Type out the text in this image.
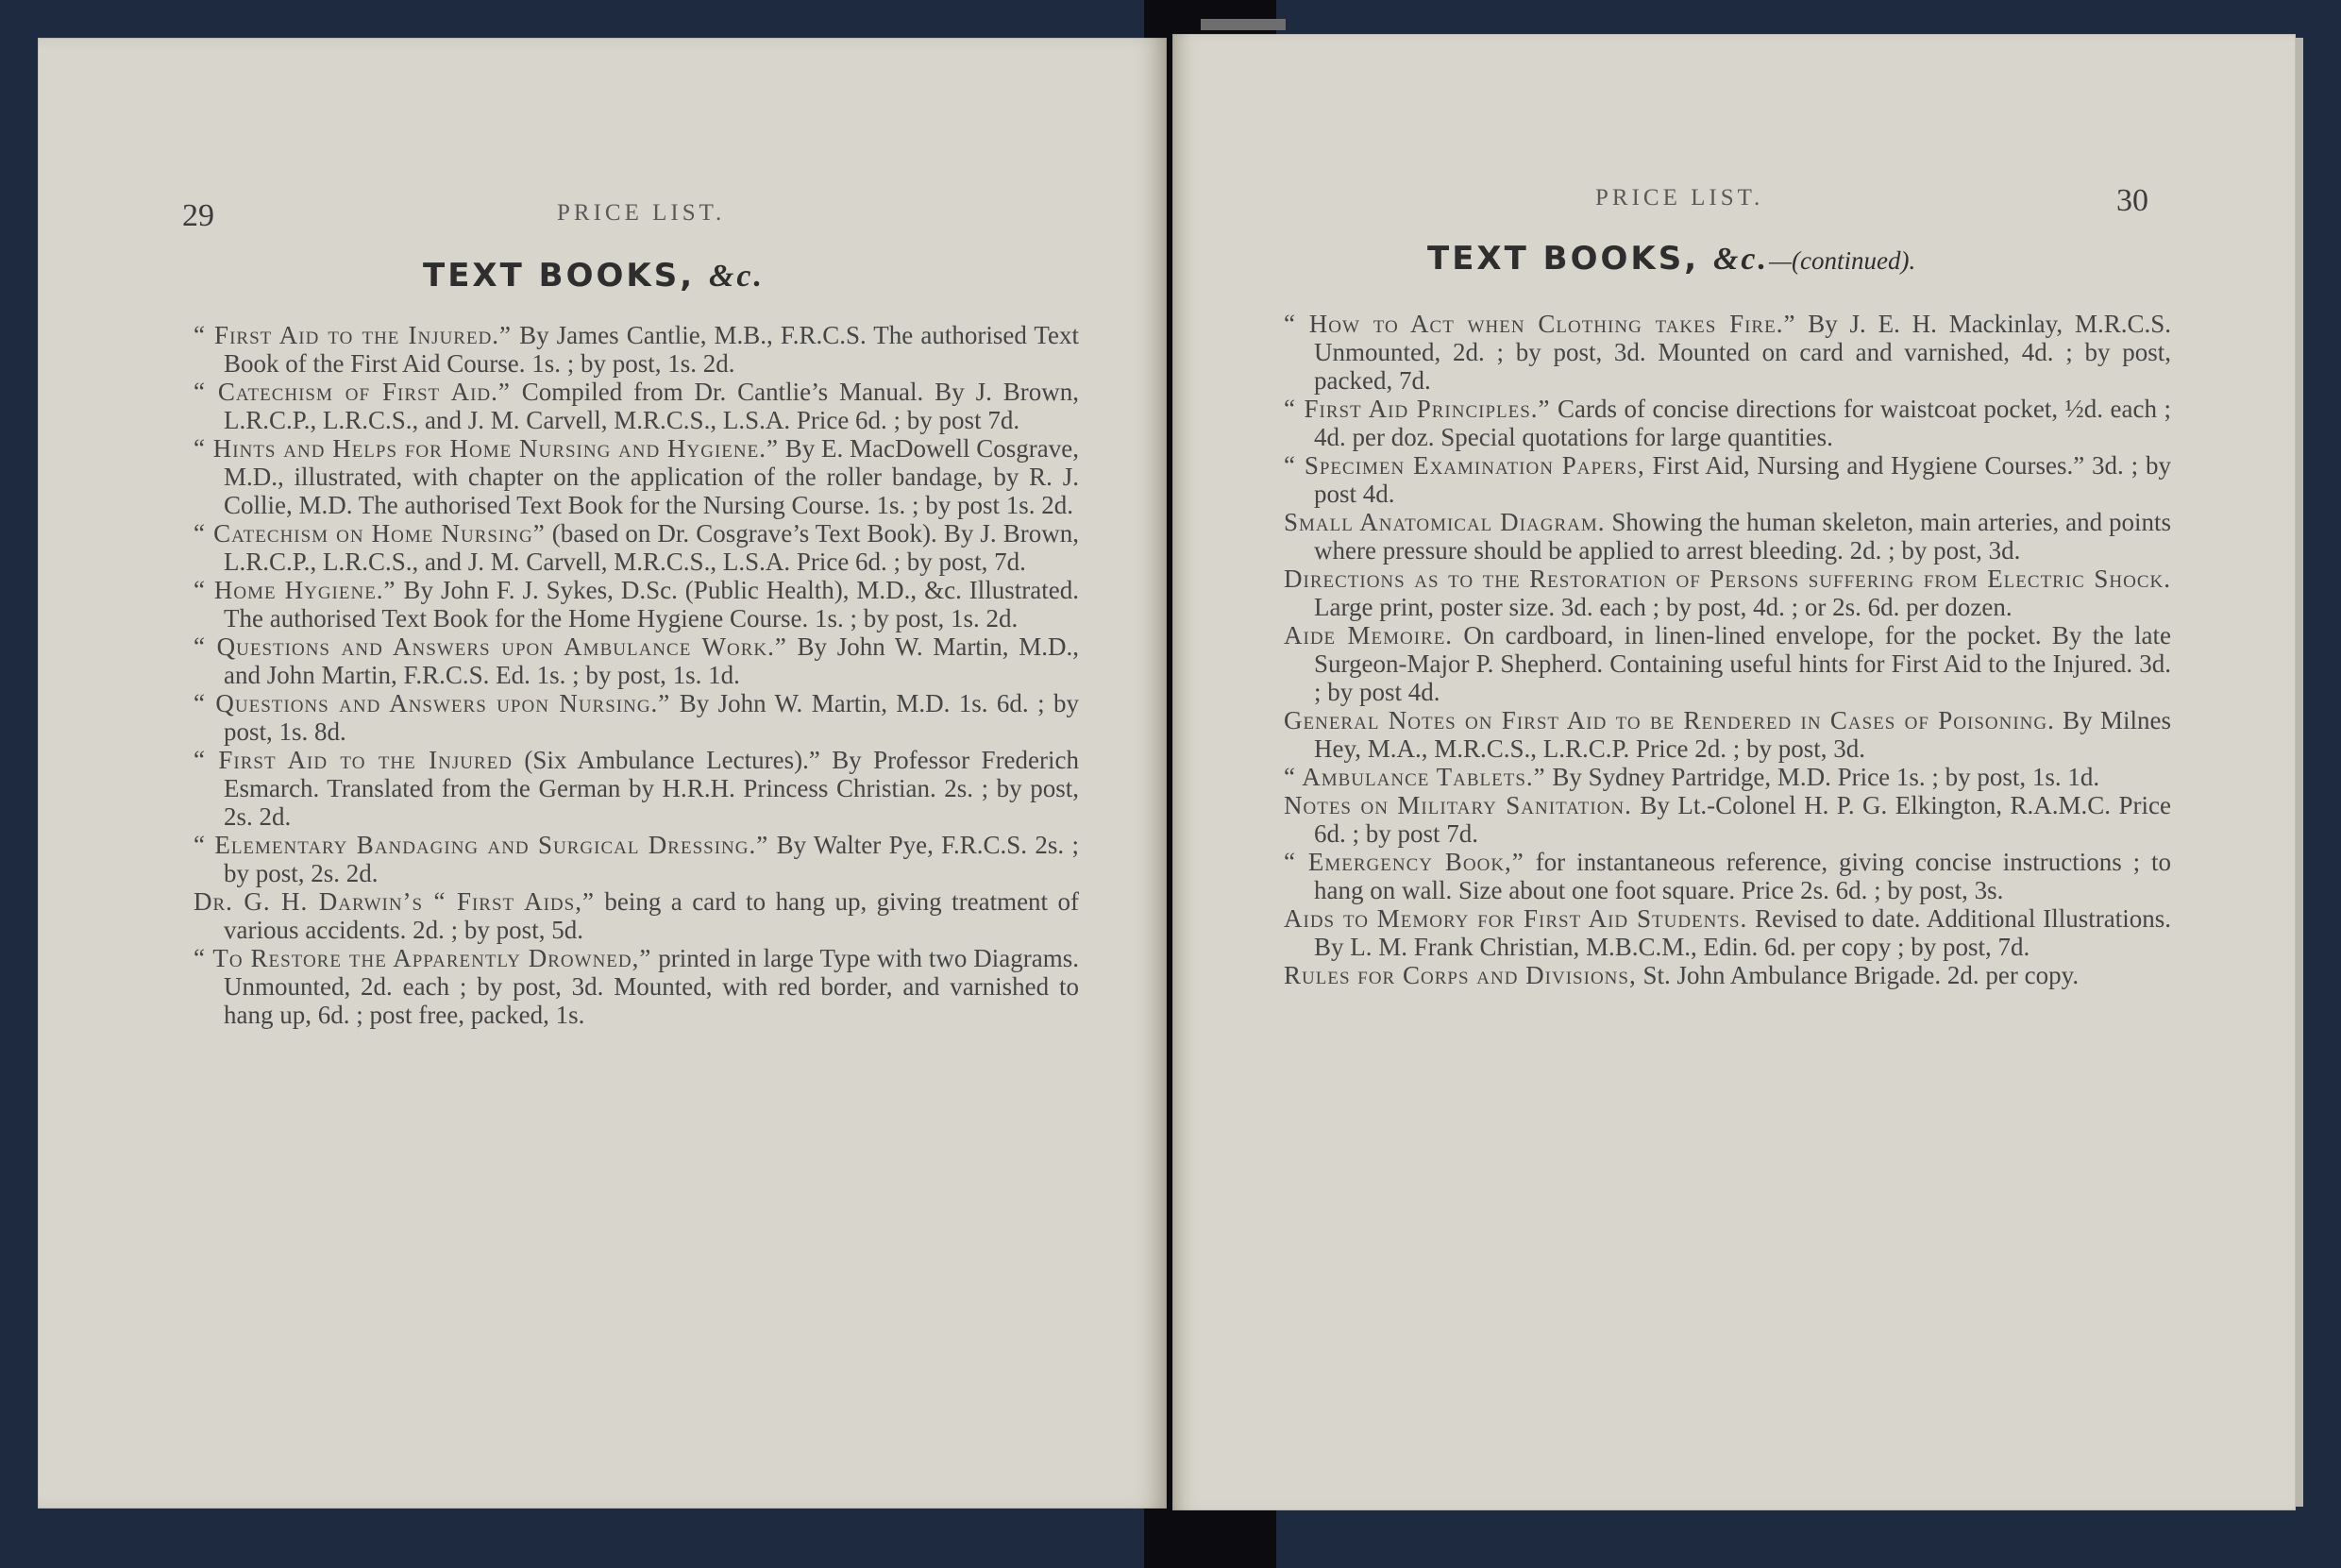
29	PRICE LIST.
TEXT BOOKS, &c.

“ First Aid to the Injured.” By James Cantlie, M.B., F.R.C.S. The authorised Text Book of the First Aid Course. 1s. ; by post, 1s. 2d.

“ Catechism of First Aid.” Compiled from Dr. Cantlie’s Manual. By J. Brown, L.R.C.P., L.R.C.S., and J. M. Carvell, M.R.C.S., L.S.A. Price 6d. ; by post 7d.

“ Hints and Helps for Home Nursing and Hygiene.” By E. MacDowell Cosgrave, M.D., illustrated, with chapter on the application of the roller bandage, by R. J. Collie, M.D. The authorised Text Book for the Nursing Course. 1s. ; by post 1s. 2d.

“ Catechism on Home Nursing” (based on Dr. Cosgrave’s Text Book). By J. Brown, L.R.C.P., L.R.C.S., and J. M. Carvell, M.R.C.S., L.S.A. Price 6d. ; by post, 7d.

“ Home Hygiene.” By John F. J. Sykes, D.Sc. (Public Health), M.D., &c. Illustrated. The authorised Text Book for the Home Hygiene Course. 1s. ; by post, 1s. 2d.

“ Questions and Answers upon Ambulance Work.” By John W. Martin, M.D., and John Martin, F.R.C.S. Ed. 1s. ; by post, 1s. 1d.

“ Questions and Answers upon Nursing.” By John W. Martin, M.D. 1s. 6d. ; by post, 1s. 8d.

“ First Aid to the Injured (Six Ambulance Lectures).” By Professor Frederich Esmarch. Translated from the German by H.R.H. Princess Christian. 2s. ; by post, 2s. 2d.

“ Elementary Bandaging and Surgical Dressing.” By Walter Pye, F.R.C.S. 2s. ; by post, 2s. 2d.

Dr. G. H. Darwin’s “ First Aids,” being a card to hang up, giving treatment of various accidents. 2d. ; by post, 5d.

“ To Restore the Apparently Drowned,” printed in large Type with two Diagrams. Unmounted, 2d. each ; by post, 3d. Mounted, with red border, and varnished to hang up, 6d. ; post free, packed, 1s.

PRICE LIST.	30
TEXT BOOKS, &c.—(continued).

“ How to Act when Clothing takes Fire.” By J. E. H. Mackinlay, M.R.C.S. Unmounted, 2d. ; by post, 3d. Mounted on card and varnished, 4d. ; by post, packed, 7d.

“ First Aid Principles.” Cards of concise directions for waistcoat pocket, ½d. each ; 4d. per doz. Special quotations for large quantities.

“ Specimen Examination Papers, First Aid, Nursing and Hygiene Courses.” 3d. ; by post 4d.

Small Anatomical Diagram. Showing the human skeleton, main arteries, and points where pressure should be applied to arrest bleeding. 2d. ; by post, 3d.

Directions as to the Restoration of Persons suffering from Electric Shock. Large print, poster size. 3d. each ; by post, 4d. ; or 2s. 6d. per dozen.

Aide Memoire. On cardboard, in linen-lined envelope, for the pocket. By the late Surgeon-Major P. Shepherd. Containing useful hints for First Aid to the Injured. 3d. ; by post 4d.

General Notes on First Aid to be Rendered in Cases of Poisoning. By Milnes Hey, M.A., M.R.C.S., L.R.C.P. Price 2d. ; by post, 3d.

“ Ambulance Tablets.” By Sydney Partridge, M.D. Price 1s. ; by post, 1s. 1d.

Notes on Military Sanitation. By Lt.-Colonel H. P. G. Elkington, R.A.M.C. Price 6d. ; by post 7d.

“ Emergency Book,” for instantaneous reference, giving concise instructions ; to hang on wall. Size about one foot square. Price 2s. 6d. ; by post, 3s.

Aids to Memory for First Aid Students. Revised to date. Additional Illustrations. By L. M. Frank Christian, M.B.C.M., Edin. 6d. per copy ; by post, 7d.

Rules for Corps and Divisions, St. John Ambulance Brigade. 2d. per copy.
